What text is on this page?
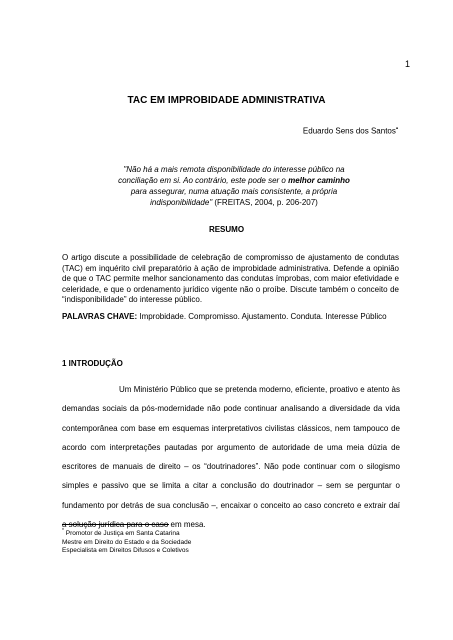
1
TAC EM IMPROBIDADE ADMINISTRATIVA
Eduardo Sens dos Santos▪
"Não há a mais remota disponibilidade do interesse público na conciliação em si. Ao contrário, este pode ser o melhor caminho para assegurar, numa atuação mais consistente, a própria indisponibilidade" (FREITAS, 2004, p. 206-207)
RESUMO
O artigo discute a possibilidade de celebração de compromisso de ajustamento de condutas (TAC) em inquérito civil preparatório à ação de improbidade administrativa. Defende a opinião de que o TAC permite melhor sancionamento das condutas ímprobas, com maior efetividade e celeridade, e que o ordenamento jurídico vigente não o proíbe. Discute também o conceito de “indisponibilidade” do interesse público.
PALAVRAS CHAVE: Improbidade. Compromisso. Ajustamento. Conduta. Interesse Público
1 INTRODUÇÃO
Um Ministério Público que se pretenda moderno, eficiente, proativo e atento às demandas sociais da pós-modernidade não pode continuar analisando a diversidade da vida contemporânea com base em esquemas interpretativos civilistas clássicos, nem tampouco de acordo com interpretações pautadas por argumento de autoridade de uma meia dúzia de escritores de manuais de direito – os “doutrinadores”. Não pode continuar com o silogismo simples e passivo que se limita a citar a conclusão do doutrinador – sem se perguntar o fundamento por detrás de sua conclusão –, encaixar o conceito ao caso concreto e extrair daí a solução jurídica para o caso em mesa.
* Promotor de Justiça em Santa Catarina
Mestre em Direito do Estado e da Sociedade
Especialista em Direitos Difusos e Coletivos
